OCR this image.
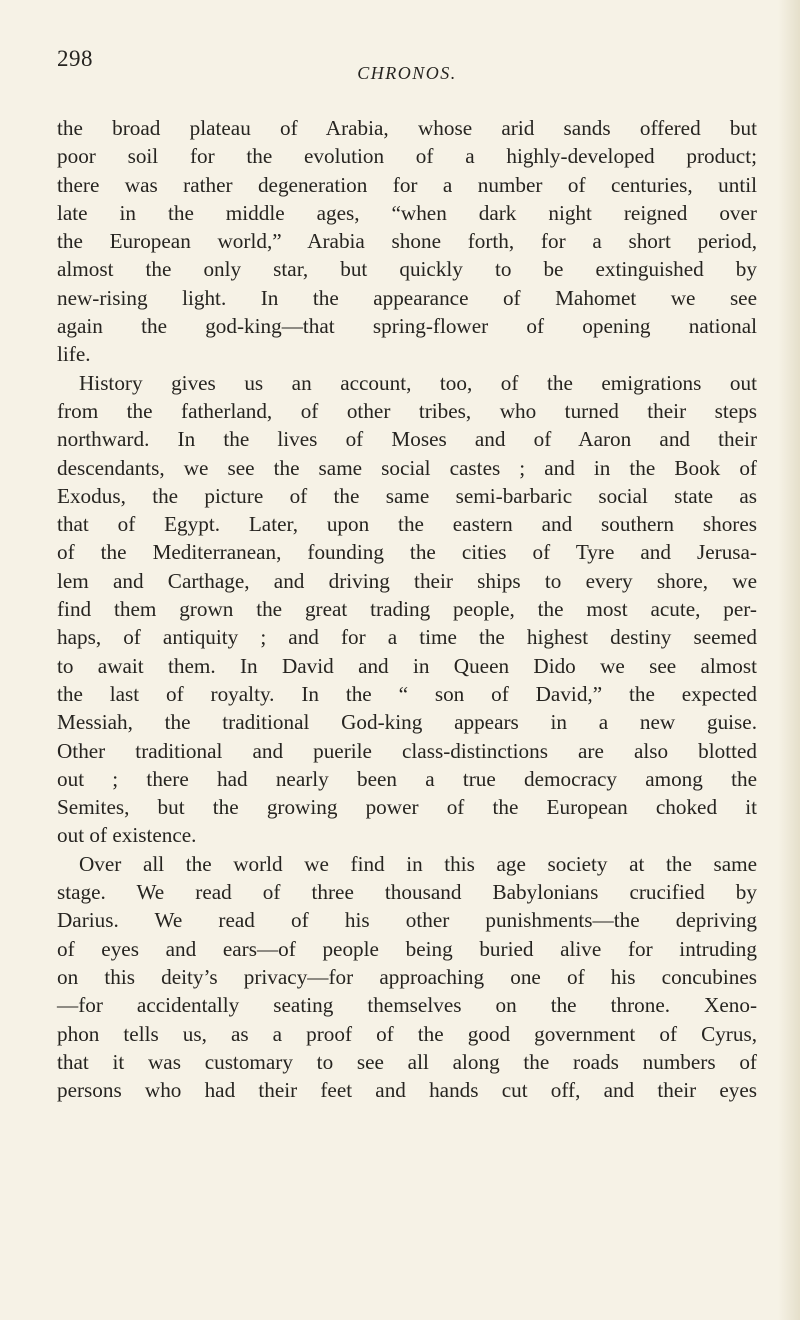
298
CHRONOS.
the broad plateau of Arabia, whose arid sands offered but
poor soil for the evolution of a highly-developed product;
there was rather degeneration for a number of centuries, until
late in the middle ages, “when dark night reigned over
the European world,” Arabia shone forth, for a short period,
almost the only star, but quickly to be extinguished by
new-rising light. In the appearance of Mahomet we see
again the god-king—that spring-flower of opening national
life.
History gives us an account, too, of the emigrations out
from the fatherland, of other tribes, who turned their steps
northward. In the lives of Moses and of Aaron and their
descendants, we see the same social castes ; and in the Book of
Exodus, the picture of the same semi-barbaric social state as
that of Egypt. Later, upon the eastern and southern shores
of the Mediterranean, founding the cities of Tyre and Jerusa-
lem and Carthage, and driving their ships to every shore, we
find them grown the great trading people, the most acute, per-
haps, of antiquity ; and for a time the highest destiny seemed
to await them. In David and in Queen Dido we see almost
the last of royalty. In the “ son of David,” the expected
Messiah, the traditional God-king appears in a new guise.
Other traditional and puerile class-distinctions are also blotted
out ; there had nearly been a true democracy among the
Semites, but the growing power of the European choked it
out of existence.
Over all the world we find in this age society at the same
stage. We read of three thousand Babylonians crucified by
Darius. We read of his other punishments—the depriving
of eyes and ears—of people being buried alive for intruding
on this deity’s privacy—for approaching one of his concubines
—for accidentally seating themselves on the throne. Xeno-
phon tells us, as a proof of the good government of Cyrus,
that it was customary to see all along the roads numbers of
persons who had their feet and hands cut off, and their eyes
